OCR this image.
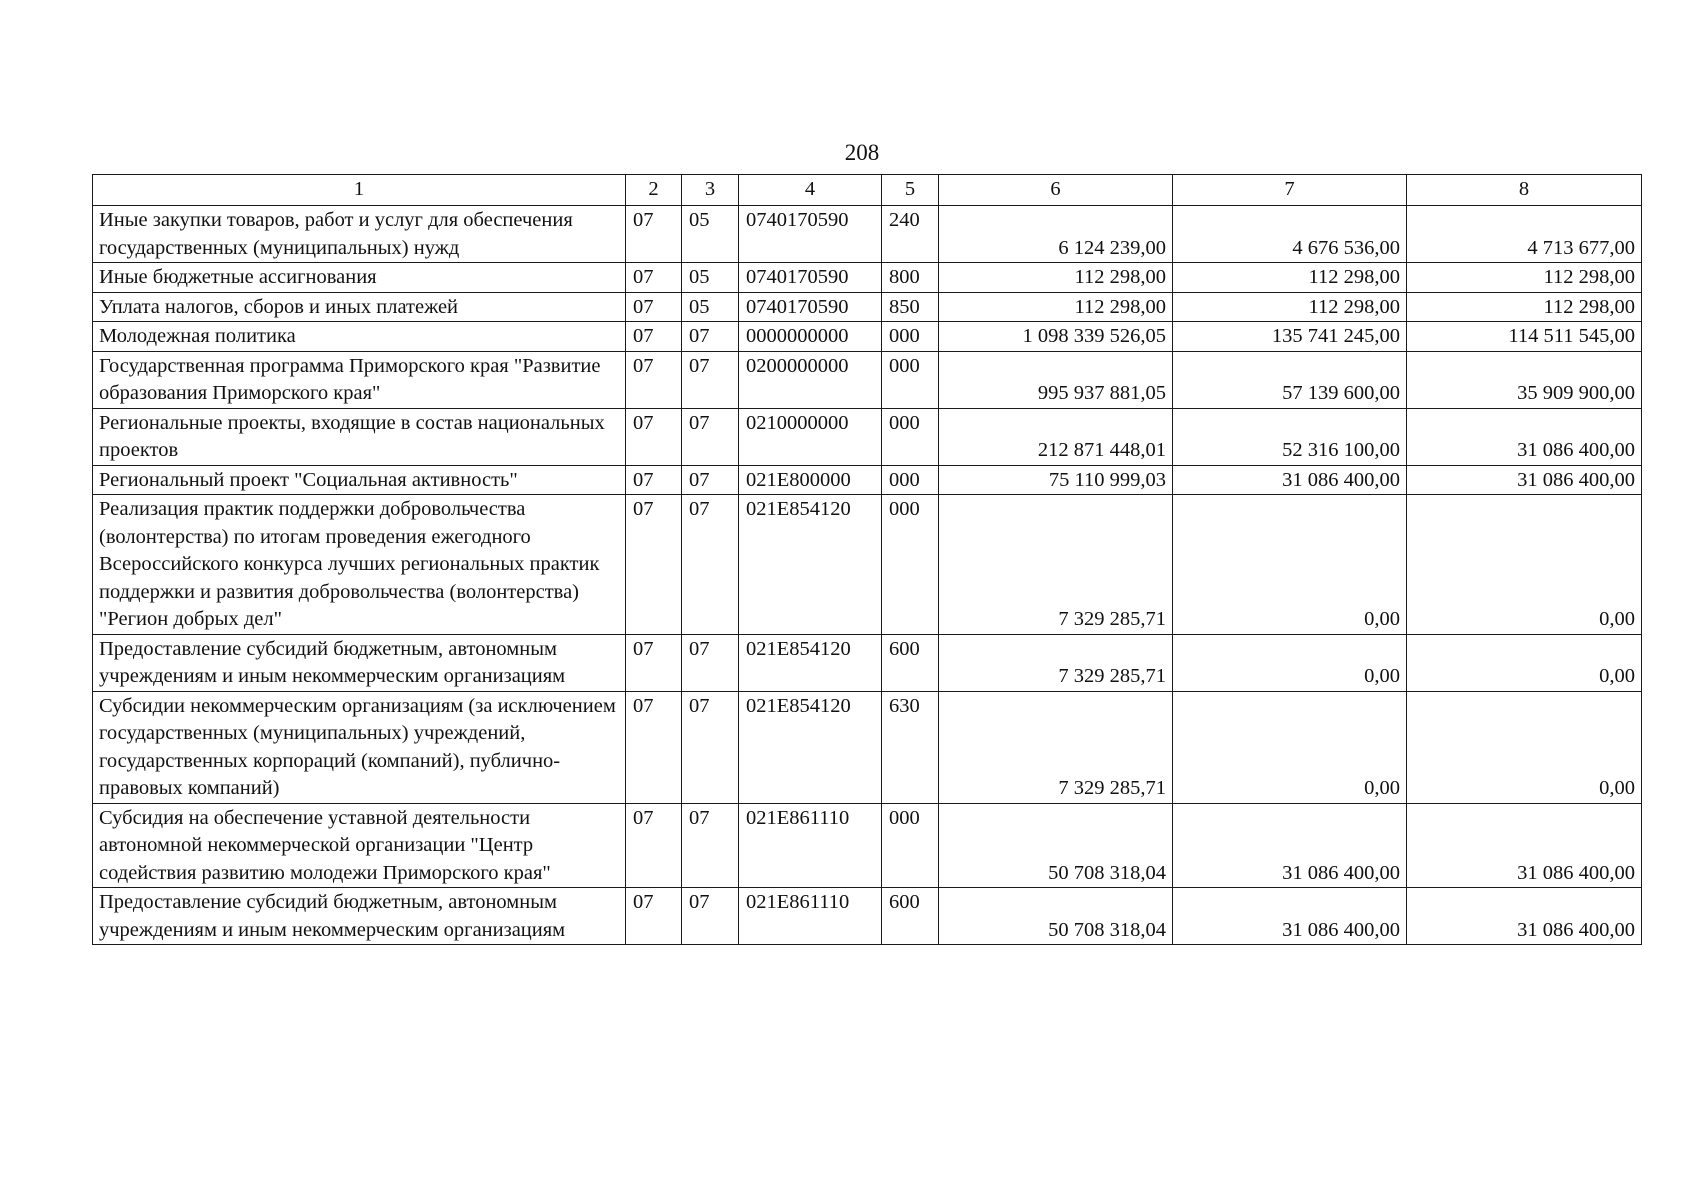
208
1	2	3	4	5	6	7	8
Иные закупки товаров, работ и услуг для обеспечения государственных (муниципальных) нужд	07	05	0740170590	240	6 124 239,00	4 676 536,00	4 713 677,00
Иные бюджетные ассигнования	07	05	0740170590	800	112 298,00	112 298,00	112 298,00
Уплата налогов, сборов и иных платежей	07	05	0740170590	850	112 298,00	112 298,00	112 298,00
Молодежная политика	07	07	0000000000	000	1 098 339 526,05	135 741 245,00	114 511 545,00
Государственная программа Приморского края "Развитие образования Приморского края"	07	07	0200000000	000	995 937 881,05	57 139 600,00	35 909 900,00
Региональные проекты, входящие в состав национальных проектов	07	07	0210000000	000	212 871 448,01	52 316 100,00	31 086 400,00
Региональный проект "Социальная активность"	07	07	021E800000	000	75 110 999,03	31 086 400,00	31 086 400,00
Реализация практик поддержки добровольчества (волонтерства) по итогам проведения ежегодного Всероссийского конкурса лучших региональных практик поддержки и развития добровольчества (волонтерства) "Регион добрых дел"	07	07	021E854120	000	7 329 285,71	0,00	0,00
Предоставление субсидий бюджетным, автономным учреждениям и иным некоммерческим организациям	07	07	021E854120	600	7 329 285,71	0,00	0,00
Субсидии некоммерческим организациям (за исключением государственных (муниципальных) учреждений, государственных корпораций (компаний), публично-правовых компаний)	07	07	021E854120	630	7 329 285,71	0,00	0,00
Субсидия на обеспечение уставной деятельности автономной некоммерческой организации "Центр содействия развитию молодежи Приморского края"	07	07	021E861110	000	50 708 318,04	31 086 400,00	31 086 400,00
Предоставление субсидий бюджетным, автономным учреждениям и иным некоммерческим организациям	07	07	021E861110	600	50 708 318,04	31 086 400,00	31 086 400,00
